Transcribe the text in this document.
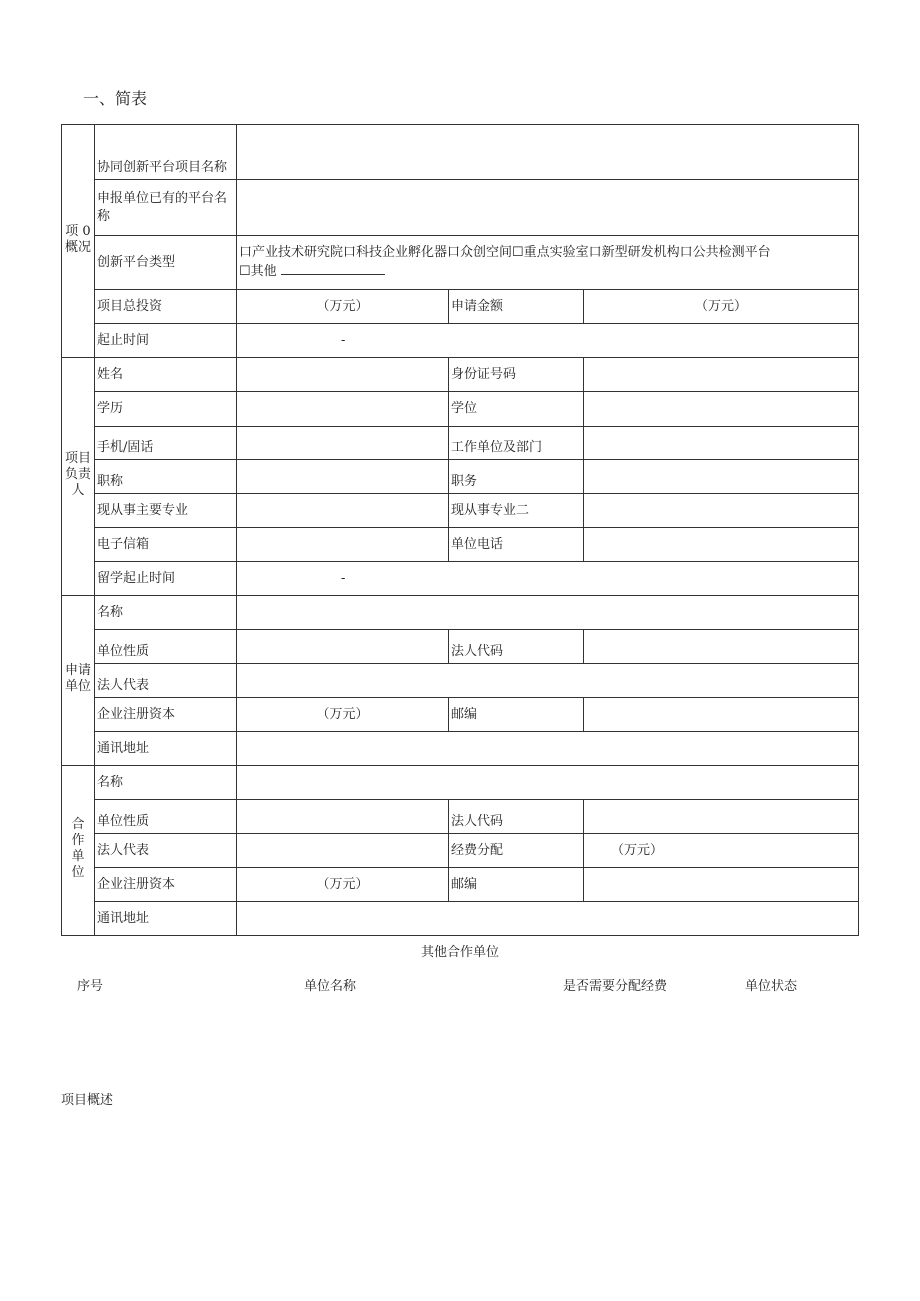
一、简表
项 0 概况	协同创新平台项目名称			
	申报单位已有的平台名称			
	创新平台类型	口产业技术研究院口科技企业孵化器口众创空间☐重点实验室口新型研发机构口公共检测平台
☐其他		

	项目总投资	（万元）	申请金额	（万元）
	起止时间	-		
项目负责人	姓名		身份证号码	
	学历		学位	
	手机/固话		工作单位及部门	
	职称		职务	
	现从事主要专业		现从事专业二	
	电子信箱		单位电话	
	留学起止时间	-		
申请单位	名称			
	单位性质		法人代码	
	法人代表			
	企业注册资本	（万元）	邮编	
	通讯地址			
合作单位	名称			
	单位性质		法人代码	
	法人代表		经费分配	（万元）
	企业注册资本	（万元）	邮编	
	通讯地址			
其他合作单位
序号	单位名称	是否需要分配经费	单位状态
项目概述
